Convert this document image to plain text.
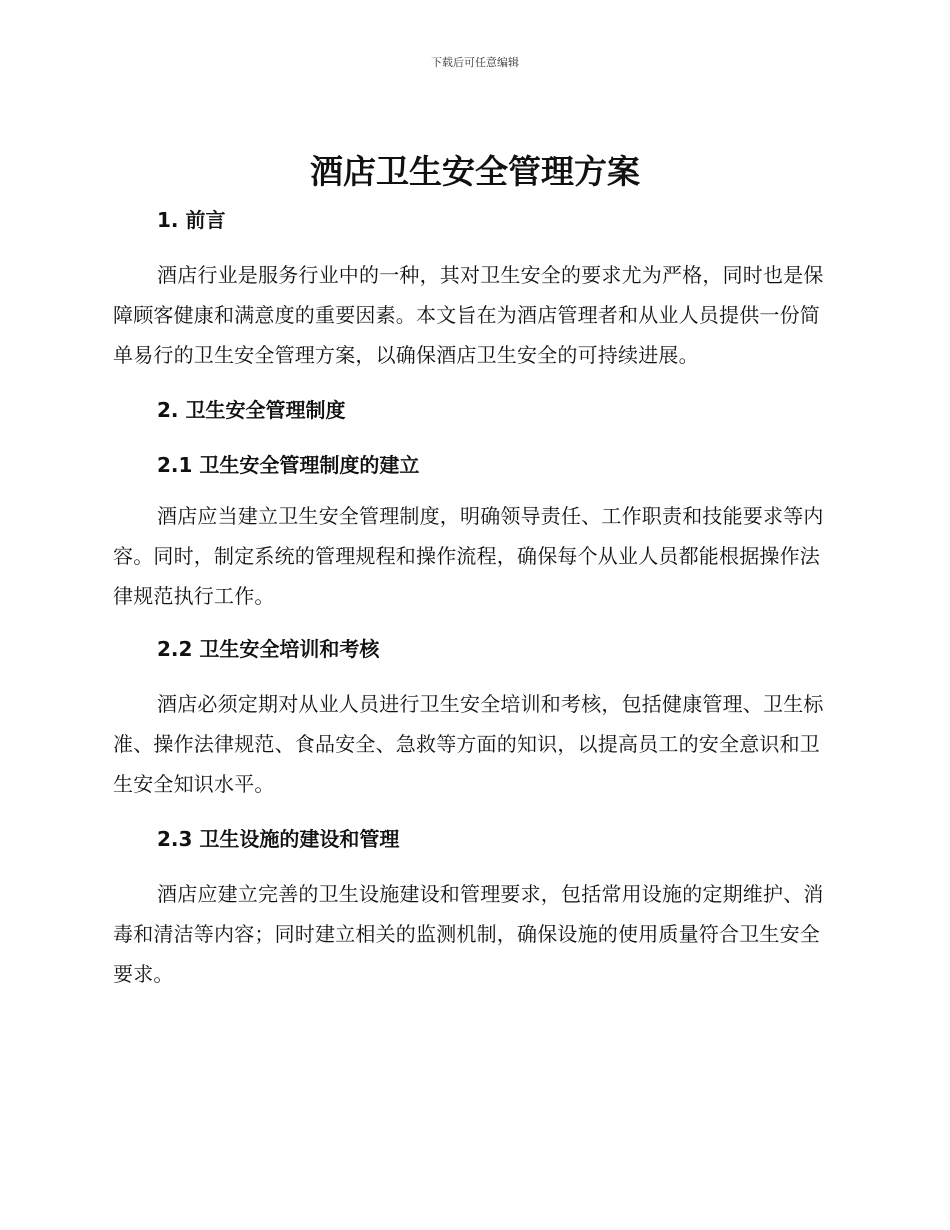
下载后可任意编辑
酒店卫生安全管理方案

1. 前言

酒店行业是服务行业中的一种，其对卫生安全的要求尤为严格，同时也是保障顾客健康和满意度的重要因素。本文旨在为酒店管理者和从业人员提供一份简单易行的卫生安全管理方案，以确保酒店卫生安全的可持续进展。

2. 卫生安全管理制度

2.1 卫生安全管理制度的建立

酒店应当建立卫生安全管理制度，明确领导责任、工作职责和技能要求等内容。同时，制定系统的管理规程和操作流程，确保每个从业人员都能根据操作法律规范执行工作。

2.2 卫生安全培训和考核

酒店必须定期对从业人员进行卫生安全培训和考核，包括健康管理、卫生标准、操作法律规范、食品安全、急救等方面的知识，以提高员工的安全意识和卫生安全知识水平。

2.3 卫生设施的建设和管理

酒店应建立完善的卫生设施建设和管理要求，包括常用设施的定期维护、消毒和清洁等内容；同时建立相关的监测机制，确保设施的使用质量符合卫生安全要求。
